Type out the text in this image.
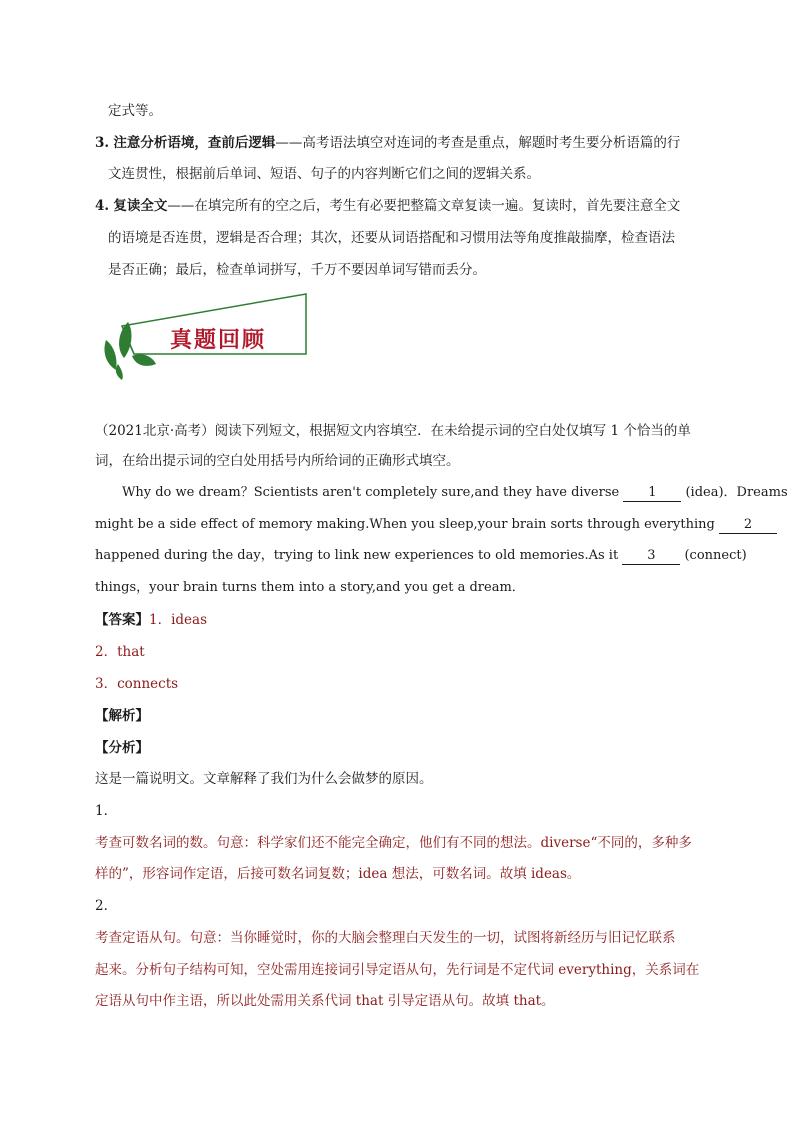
定式等。
3. 注意分析语境，查前后逻辑——高考语法填空对连词的考查是重点，解题时考生要分析语篇的行
文连贯性，根据前后单词、短语、句子的内容判断它们之间的逻辑关系。
4. 复读全文——在填完所有的空之后，考生有必要把整篇文章复读一遍。复读时，首先要注意全文
的语境是否连贯，逻辑是否合理；其次，还要从词语搭配和习惯用法等角度推敲揣摩，检查语法
是否正确；最后，检查单词拼写，千万不要因单词写错而丢分。
真题回顾
（2021北京·高考）阅读下列短文，根据短文内容填空．在未给提示词的空白处仅填写 1 个恰当的单
词，在给出提示词的空白处用括号内所给词的正确形式填空。
Why do we dream？Scientists aren't completely sure,and they have diverse 1 (idea)．Dreams
might be a side effect of memory making.When you sleep,your brain sorts through everything 2
happened during the day，trying to link new experiences to old memories.As it 3 (connect)
things，your brain turns them into a story,and you get a dream．
【答案】1．ideas
2．that
3．connects
【解析】
【分析】
这是一篇说明文。文章解释了我们为什么会做梦的原因。
1．
考查可数名词的数。句意：科学家们还不能完全确定，他们有不同的想法。diverse“不同的，多种多
样的”，形容词作定语，后接可数名词复数；idea 想法，可数名词。故填 ideas。
2．
考查定语从句。句意：当你睡觉时，你的大脑会整理白天发生的一切，试图将新经历与旧记忆联系
起来。分析句子结构可知，空处需用连接词引导定语从句，先行词是不定代词 everything，关系词在
定语从句中作主语，所以此处需用关系代词 that 引导定语从句。故填 that。
